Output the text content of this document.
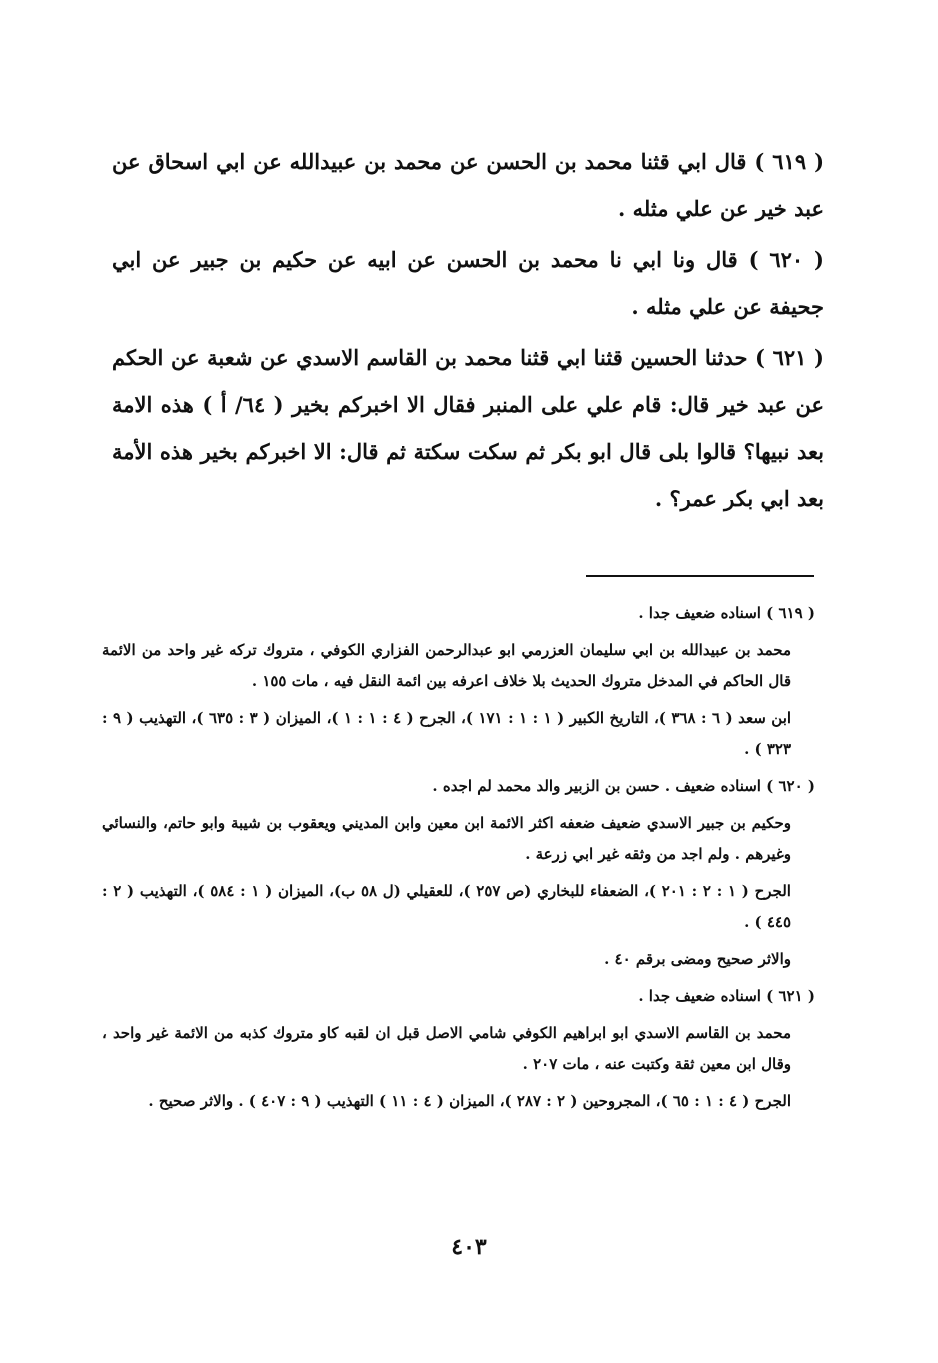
( ٦١٩ ) قال ابي قثنا محمد بن الحسن عن محمد بن عبيدالله عن ابي اسحاق عن عبد خير عن علي مثله .

( ٦٢٠ ) قال ونا ابي نا محمد بن الحسن عن ابيه عن حكيم بن جبير عن ابي جحيفة عن علي مثله .

( ٦٢١ ) حدثنا الحسين قثنا ابي قثنا محمد بن القاسم الاسدي عن شعبة عن الحكم عن عبد خير قال: قام علي على المنبر فقال الا اخبركم بخير ( ٦٤/ أ ) هذه الامة بعد نبيها؟ قالوا بلى قال ابو بكر ثم سكت سكتة ثم قال: الا اخبركم بخير هذه الأمة بعد ابي بكر عمر؟ .

( ٦١٩ ) اسناده ضعيف جدا .

محمد بن عبيدالله بن ابي سليمان العزرمي ابو عبدالرحمن الفزاري الكوفي ، متروك تركه غير واحد من الائمة قال الحاكم في المدخل متروك الحديث بلا خلاف اعرفه بين ائمة النقل فيه ، مات ١٥٥ .

ابن سعد ( ٦ : ٣٦٨ )، التاريخ الكبير ( ١ : ١ : ١٧١ )، الجرح ( ٤ : ١ : ١ )، الميزان ( ٣ : ٦٣٥ )، التهذيب ( ٩ : ٣٢٣ ) .

( ٦٢٠ ) اسناده ضعيف . حسن بن الزبير والد محمد لم اجده .

وحكيم بن جبير الاسدي ضعيف ضعفه اكثر الائمة ابن معين وابن المديني ويعقوب بن شيبة وابو حاتم، والنسائي وغيرهم . ولم اجد من وثقه غير ابي زرعة .

الجرح ( ١ : ٢ : ٢٠١ )، الضعفاء للبخاري (ص ٢٥٧ )، للعقيلي (ل ٥٨ ب)، الميزان ( ١ : ٥٨٤ )، التهذيب ( ٢ : ٤٤٥ ) .

والاثر صحيح ومضى برقم ٤٠ .

( ٦٢١ ) اسناده ضعيف جدا .

محمد بن القاسم الاسدي ابو ابراهيم الكوفي شامي الاصل قبل ان لقبه كاو متروك كذبه من الائمة غير واحد ، وقال ابن معين ثقة وكتبت عنه ، مات ٢٠٧ .

الجرح ( ٤ : ١ : ٦٥ )، المجروحين ( ٢ : ٢٨٧ )، الميزان ( ٤ : ١١ ) التهذيب ( ٩ : ٤٠٧ ) . والاثر صحيح .

٤٠٣
